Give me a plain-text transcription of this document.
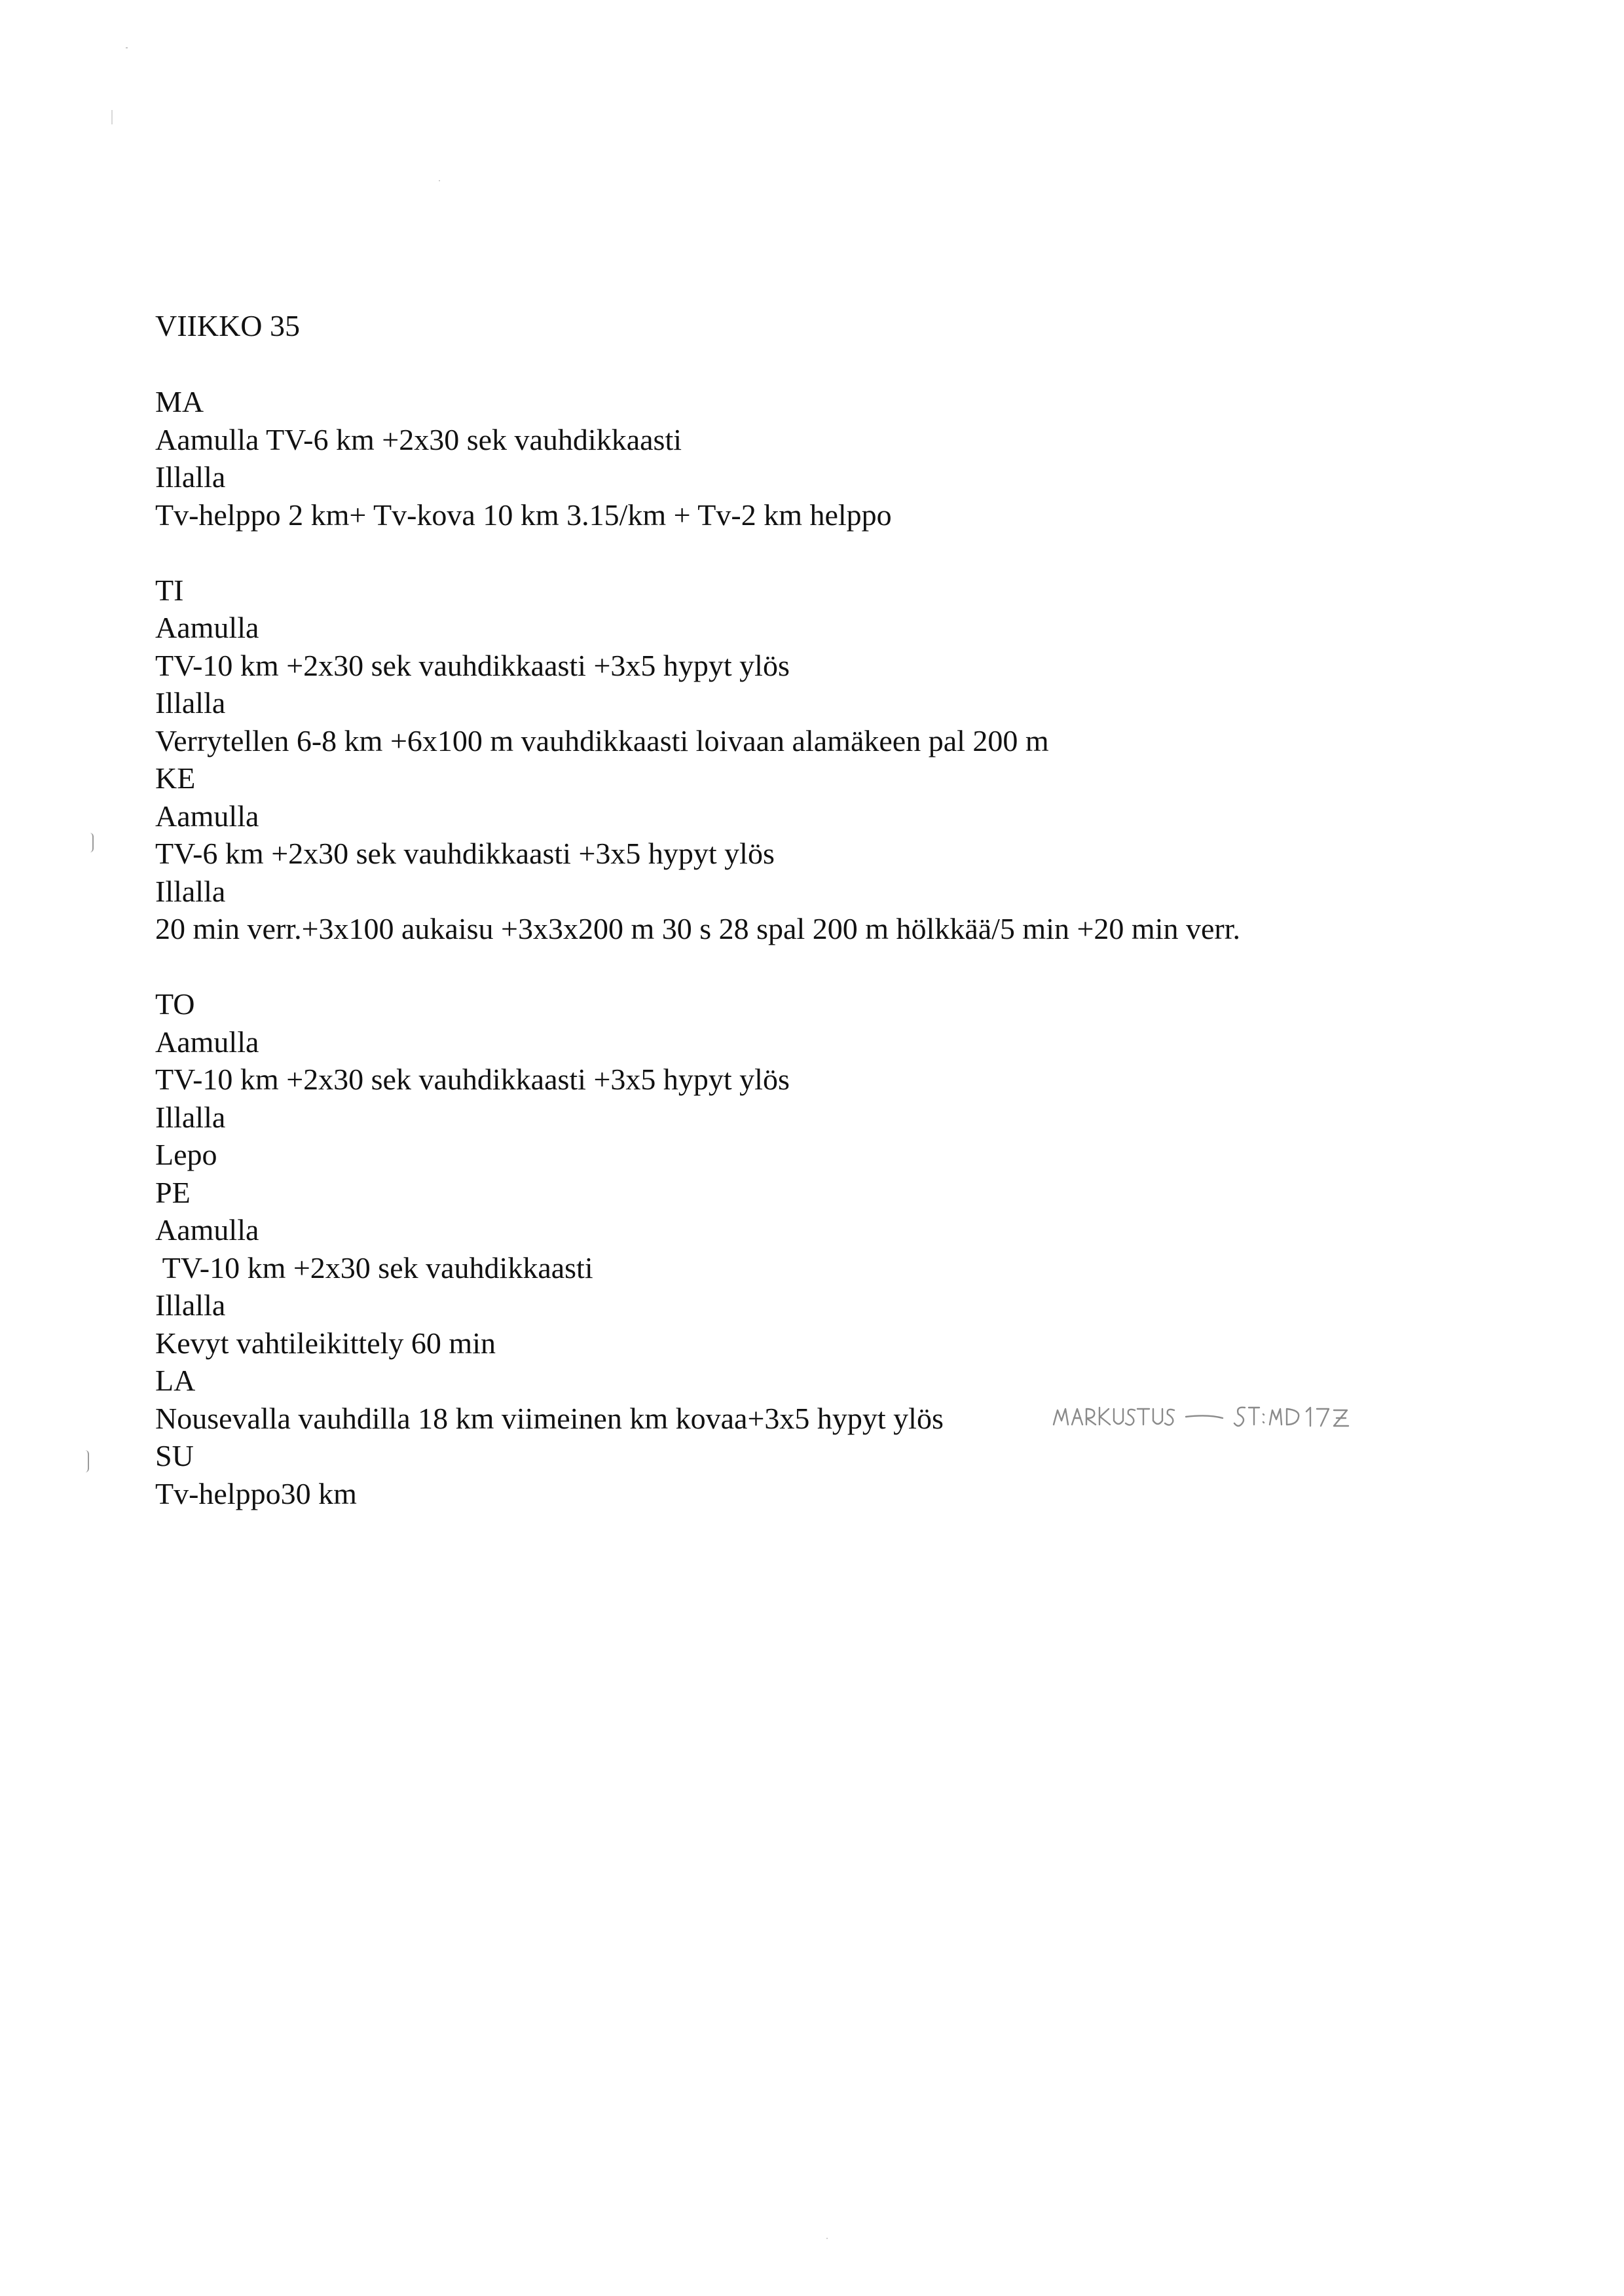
VIIKKO 35
MA
Aamulla TV-6 km +2x30 sek vauhdikkaasti
Illalla
Tv-helppo 2 km+ Tv-kova 10 km 3.15/km + Tv-2 km helppo
TI
Aamulla
TV-10 km +2x30 sek vauhdikkaasti +3x5 hypyt ylös
Illalla
Verrytellen 6-8 km +6x100 m vauhdikkaasti loivaan alamäkeen pal 200 m
KE
Aamulla
TV-6 km +2x30 sek vauhdikkaasti +3x5 hypyt ylös
Illalla
20 min verr.+3x100 aukaisu +3x3x200 m 30 s 28 spal 200 m hölkkää/5 min +20 min verr.
TO
Aamulla
TV-10 km +2x30 sek vauhdikkaasti +3x5 hypyt ylös
Illalla
Lepo
PE
Aamulla
TV-10 km +2x30 sek vauhdikkaasti
Illalla
Kevyt vahtileikittely 60 min
LA
Nousevalla vauhdilla 18 km viimeinen km kovaa+3x5 hypyt ylös
SU
Tv-helppo30 km
